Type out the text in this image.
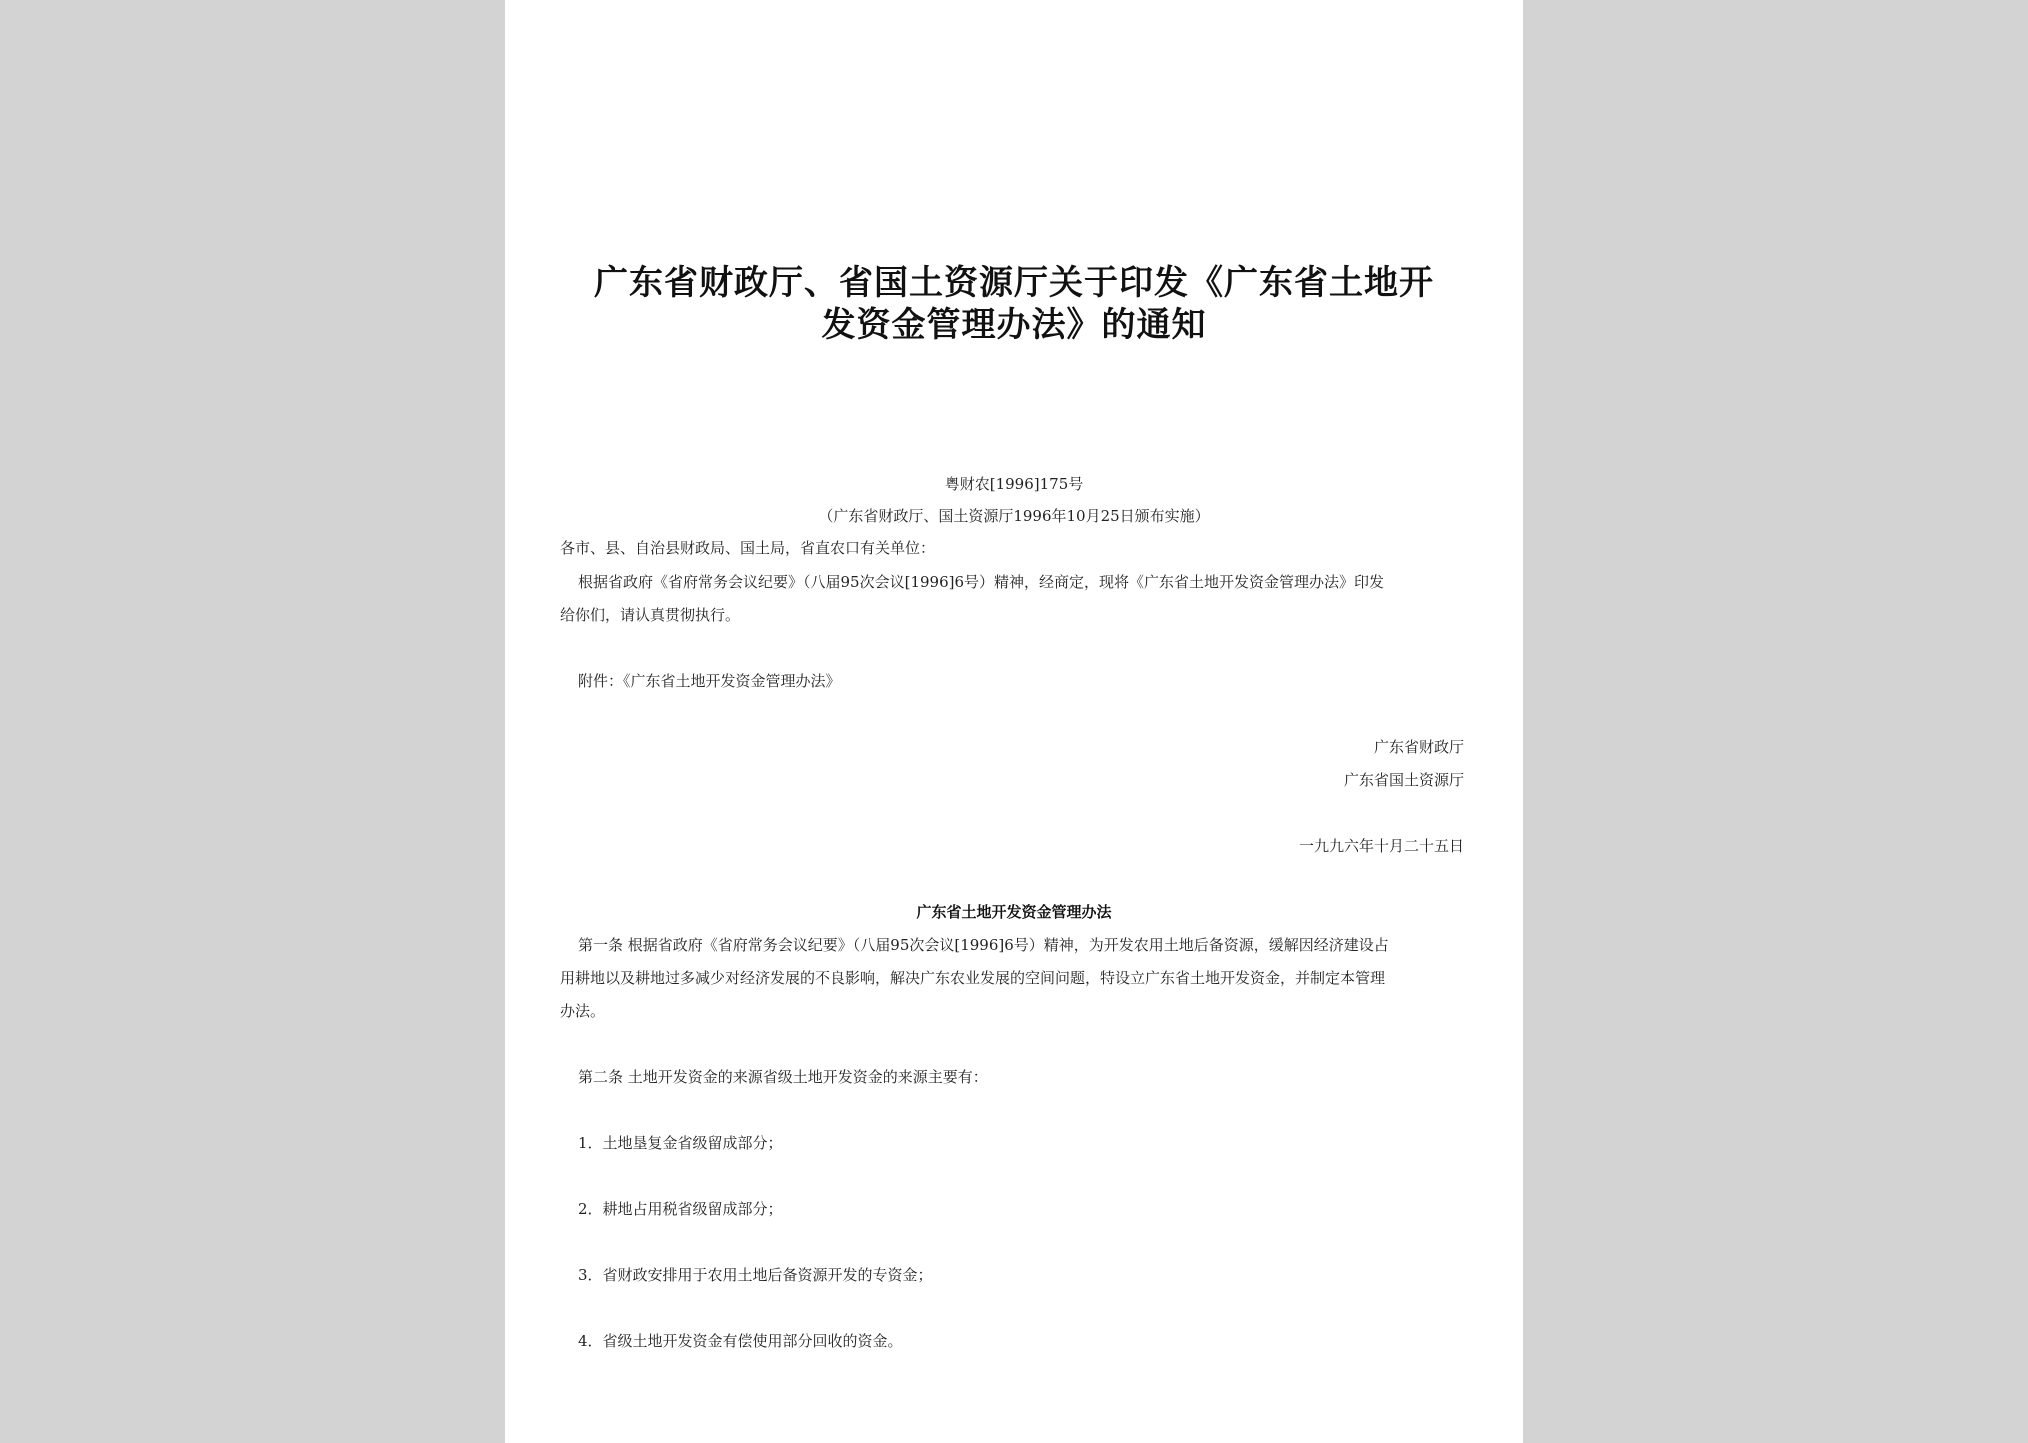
广东省财政厅、省国土资源厅关于印发《广东省土地开
发资金管理办法》的通知
粤财农[1996]175号
（广东省财政厅、国土资源厅1996年10月25日颁布实施）
各市、县、自治县财政局、国土局，省直农口有关单位：
根据省政府《省府常务会议纪要》（八届95次会议[1996]6号）精神，经商定，现将《广东省土地开发资金管理办法》印发
给你们，请认真贯彻执行。
附件：《广东省土地开发资金管理办法》
广东省财政厅
广东省国土资源厅
一九九六年十月二十五日
广东省土地开发资金管理办法
第一条 根据省政府《省府常务会议纪要》（八届95次会议[1996]6号）精神，为开发农用土地后备资源，缓解因经济建设占
用耕地以及耕地过多减少对经济发展的不良影响，解决广东农业发展的空间问题，特设立广东省土地开发资金，并制定本管理
办法。
第二条 土地开发资金的来源省级土地开发资金的来源主要有：
1．土地垦复金省级留成部分；
2．耕地占用税省级留成部分；
3．省财政安排用于农用土地后备资源开发的专资金；
4．省级土地开发资金有偿使用部分回收的资金。
